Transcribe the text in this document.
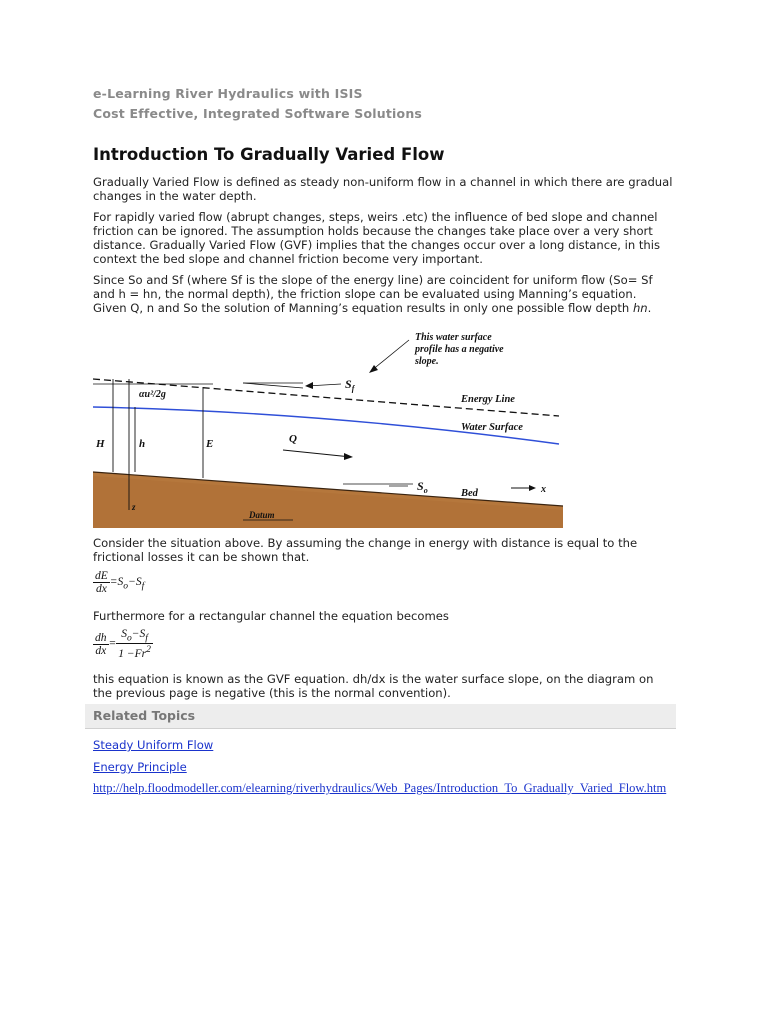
e-Learning River Hydraulics with ISIS
Cost Effective, Integrated Software Solutions
Introduction To Gradually Varied Flow

Gradually Varied Flow is defined as steady non-uniform flow in a channel in which there are gradual changes in the water depth.

For rapidly varied flow (abrupt changes, steps, weirs .etc) the influence of bed slope and channel friction can be ignored. The assumption holds because the changes take place over a very short distance. Gradually Varied Flow (GVF) implies that the changes occur over a long distance, in this context the bed slope and channel friction become very important.

Since So and Sf (where Sf is the slope of the energy line) are coincident for uniform flow (So= Sf and h = hn, the normal depth), the friction slope can be evaluated using Manning’s equation. Given Q, n and So the solution of Manning’s equation results in only one possible flow depth hn.

This water surface
profile has a negative
slope.
αu²/2g
$S_f$
Energy Line
Water Surface
H	h	E	Q
$S_o$	Bed	x
z
Datum

Consider the situation above. By assuming the change in energy with distance is equal to the frictional losses it can be shown that.

$\frac{dE}{dx} =S_o-S_f$

Furthermore for a rectangular channel the equation becomes

$\frac{dh}{dx} = \frac{S_o-S_f}{1 -Fr^2}$

this equation is known as the GVF equation. dh/dx is the water surface slope, on the diagram on the previous page is negative (this is the normal convention).

Related Topics
Steady Uniform Flow
Energy Principle
http://help.floodmodeller.com/elearning/riverhydraulics/Web_Pages/Introduction_To_Gradually_Varied_Flow.htm
